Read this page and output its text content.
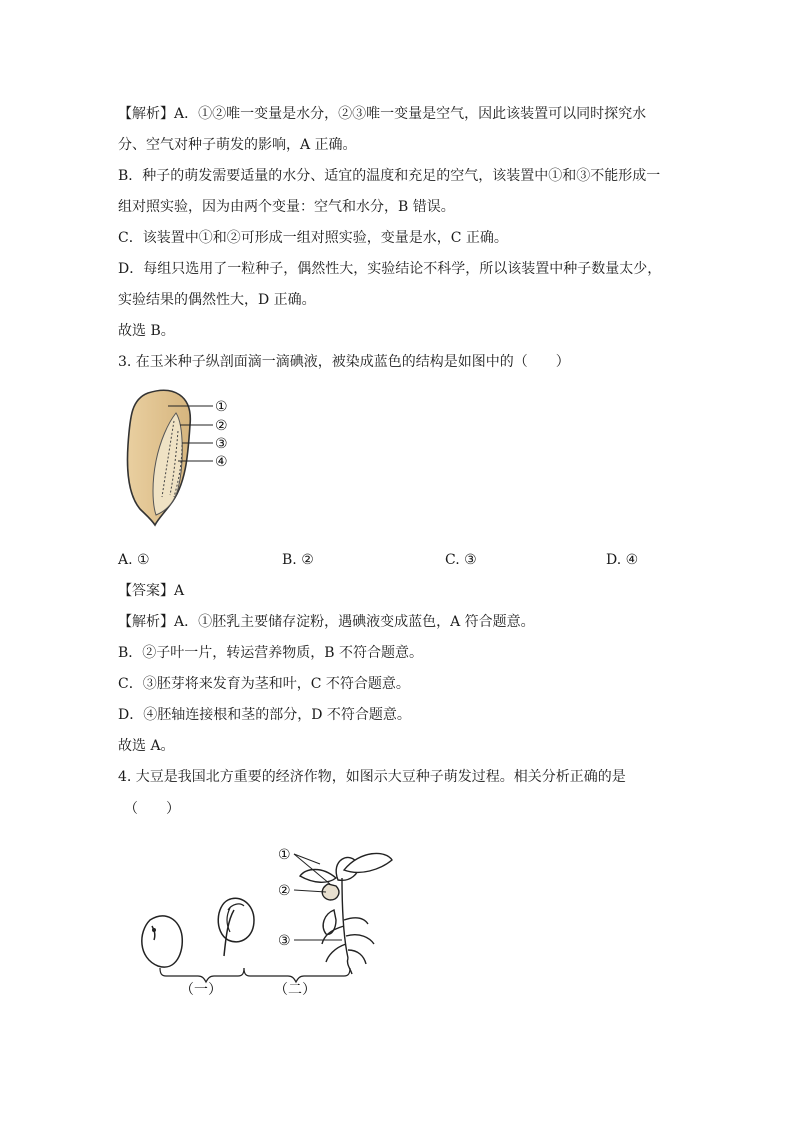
【解析】A．①②唯一变量是水分，②③唯一变量是空气，因此该装置可以同时探究水
分、空气对种子萌发的影响，A 正确。
B．种子的萌发需要适量的水分、适宜的温度和充足的空气，该装置中①和③不能形成一
组对照实验，因为由两个变量：空气和水分，B 错误。
C．该装置中①和②可形成一组对照实验，变量是水，C 正确。
D．每组只选用了一粒种子，偶然性大，实验结论不科学，所以该装置中种子数量太少，
实验结果的偶然性大，D 正确。
故选 B。
3. 在玉米种子纵剖面滴一滴碘液，被染成蓝色的结构是如图中的（　　）
①
②
③
④
A. ①	B. ②	C. ③	D. ④
【答案】A
【解析】A．①胚乳主要储存淀粉，遇碘液变成蓝色，A 符合题意。
B．②子叶一片，转运营养物质，B 不符合题意。
C．③胚芽将来发育为茎和叶，C 不符合题意。
D．④胚轴连接根和茎的部分，D 不符合题意。
故选 A。
4. 大豆是我国北方重要的经济作物，如图示大豆种子萌发过程。相关分析正确的是
（　　）
①
②
③
（一）	（二）
